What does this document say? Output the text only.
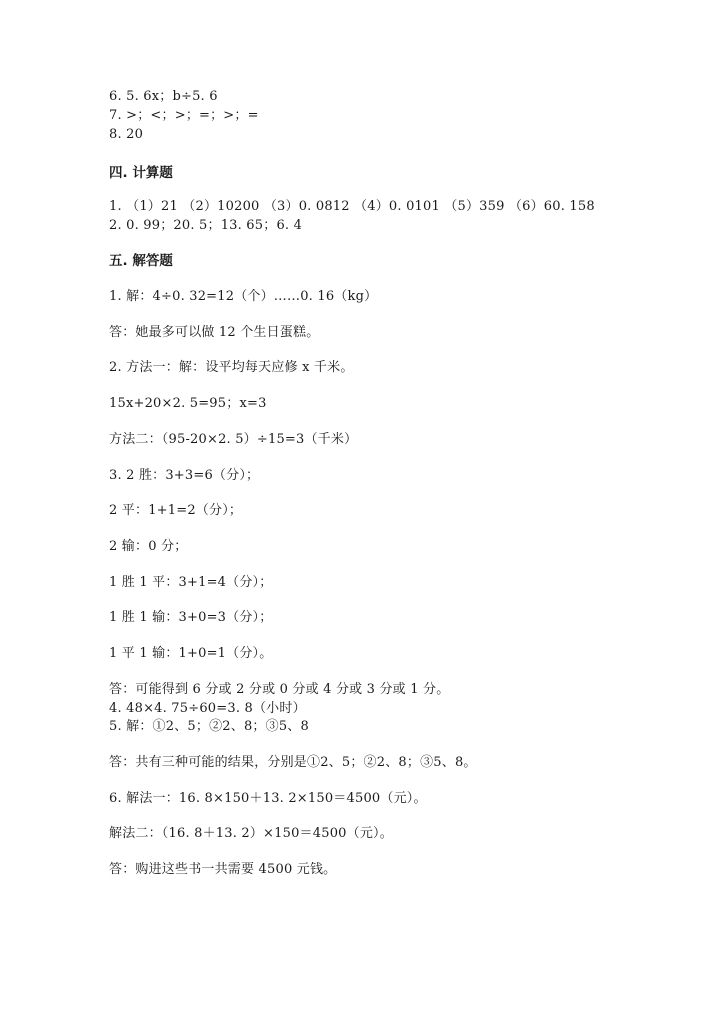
6. 5. 6x；b÷5. 6
7. >；<；>；=；>；=
8. 20
四. 计算题
1. （1）21 （2）10200 （3）0. 0812 （4）0. 0101 （5）359 （6）60. 158
2. 0. 99；20. 5；13. 65；6. 4
五. 解答题
1. 解：4÷0. 32=12（个）……0. 16（kg）
答：她最多可以做 12 个生日蛋糕。
2. 方法一：解：设平均每天应修 x 千米。
15x+20×2. 5=95；x=3
方法二：（95-20×2. 5）÷15=3（千米）
3. 2 胜：3+3=6（分）；
2 平：1+1=2（分）；
2 输：0 分；
1 胜 1 平：3+1=4（分）；
1 胜 1 输：3+0=3（分）；
1 平 1 输：1+0=1（分）。
答：可能得到 6 分或 2 分或 0 分或 4 分或 3 分或 1 分。
4. 48×4. 75÷60=3. 8（小时）
5. 解：①2、5；②2、8；③5、8
答：共有三种可能的结果，分别是①2、5；②2、8；③5、8。
6. 解法一：16. 8×150＋13. 2×150＝4500（元）。
解法二：（16. 8＋13. 2）×150＝4500（元）。
答：购进这些书一共需要 4500 元钱。
